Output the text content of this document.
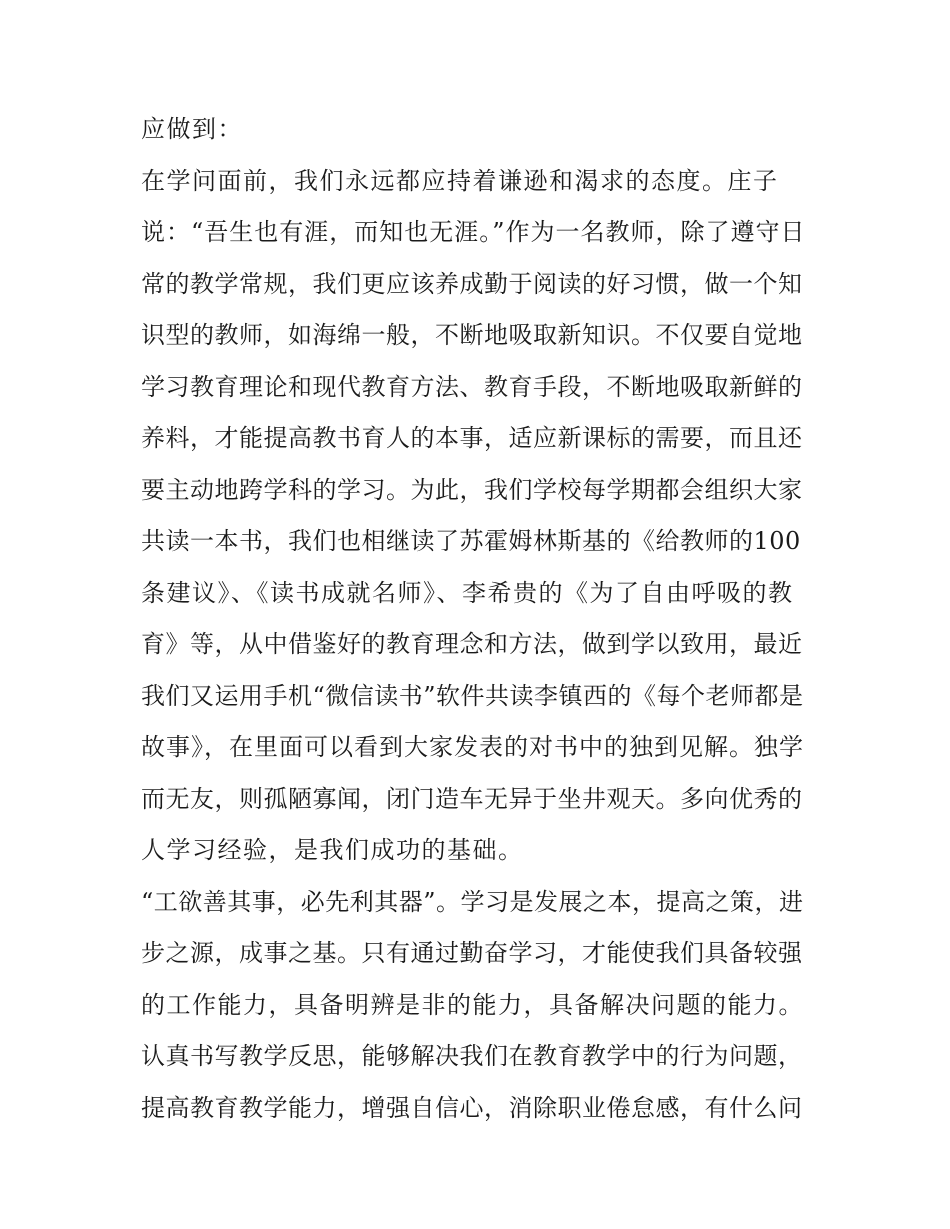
应做到：
在学问面前，我们永远都应持着谦逊和渴求的态度。庄子
说：“吾生也有涯，而知也无涯。”作为一名教师，除了遵守日
常的教学常规，我们更应该养成勤于阅读的好习惯，做一个知
识型的教师，如海绵一般，不断地吸取新知识。不仅要自觉地
学习教育理论和现代教育方法、教育手段，不断地吸取新鲜的
养料，才能提高教书育人的本事，适应新课标的需要，而且还
要主动地跨学科的学习。为此，我们学校每学期都会组织大家
共读一本书，我们也相继读了苏霍姆林斯基的《给教师的100
条建议》、《读书成就名师》、李希贵的《为了自由呼吸的教
育》等，从中借鉴好的教育理念和方法，做到学以致用，最近
我们又运用手机“微信读书”软件共读李镇西的《每个老师都是
故事》，在里面可以看到大家发表的对书中的独到见解。独学
而无友，则孤陋寡闻，闭门造车无异于坐井观天。多向优秀的
人学习经验，是我们成功的基础。
“工欲善其事，必先利其器”。学习是发展之本，提高之策，进
步之源，成事之基。只有通过勤奋学习，才能使我们具备较强
的工作能力，具备明辨是非的能力，具备解决问题的能力。
认真书写教学反思，能够解决我们在教育教学中的行为问题，
提高教育教学能力，增强自信心，消除职业倦怠感，有什么问
